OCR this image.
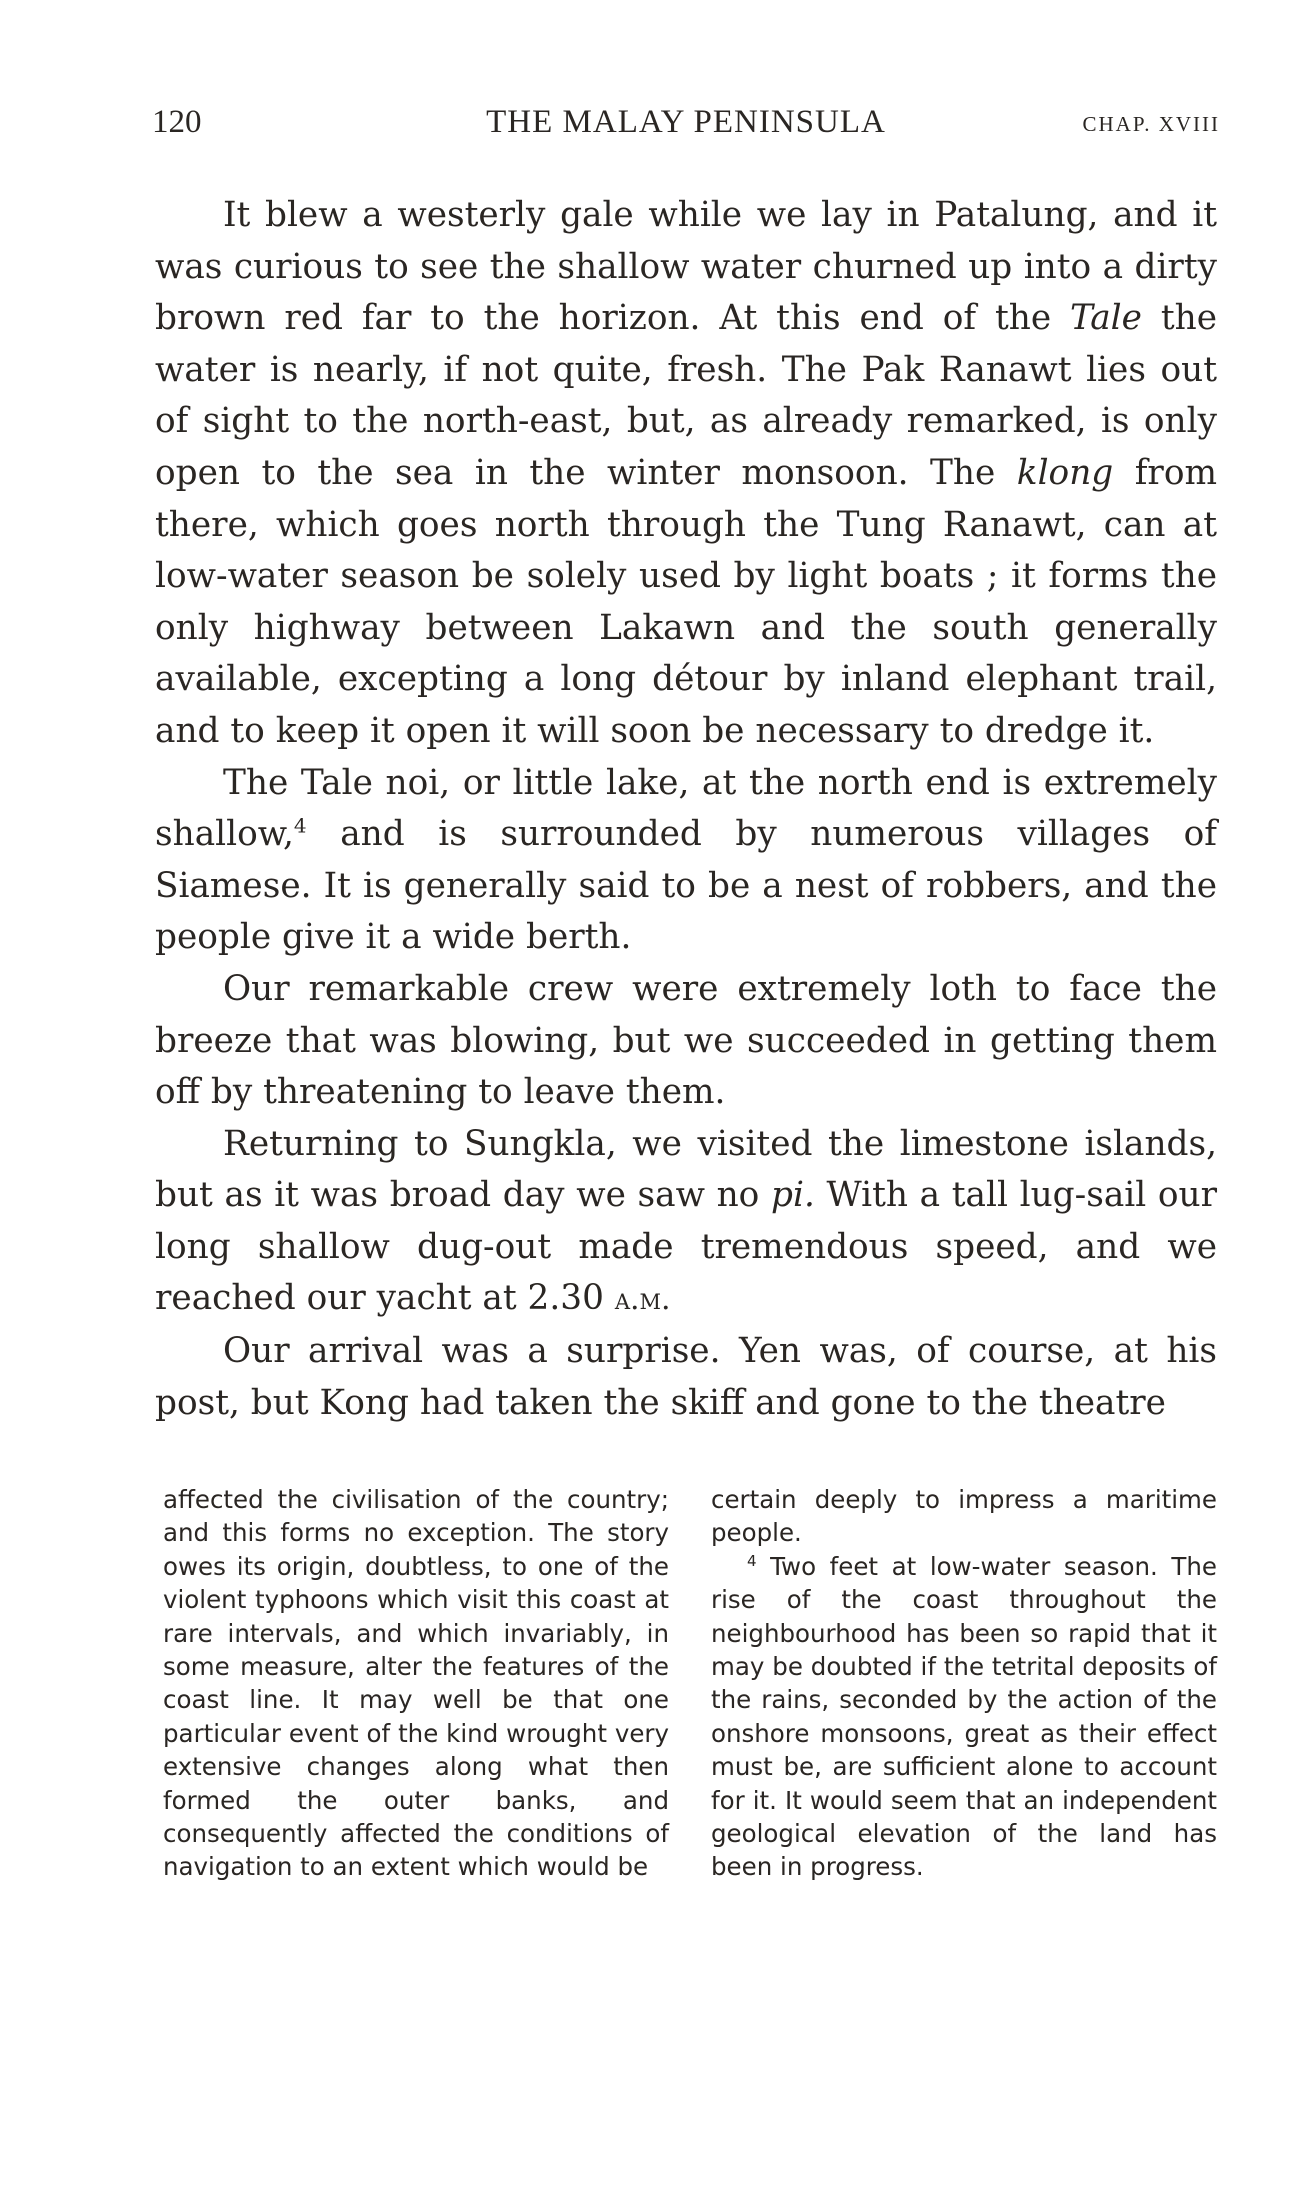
120	THE MALAY PENINSULA	CHAP. XVIII

It blew a westerly gale while we lay in Patalung, and it was curious to see the shallow water churned up into a dirty brown red far to the horizon. At this end of the Tale the water is nearly, if not quite, fresh. The Pak Ranawt lies out of sight to the north-east, but, as already remarked, is only open to the sea in the winter monsoon. The klong from there, which goes north through the Tung Ranawt, can at low-water season be solely used by light boats ; it forms the only highway between Lakawn and the south generally available, excepting a long détour by inland elephant trail, and to keep it open it will soon be necessary to dredge it.

The Tale noi, or little lake, at the north end is extremely shallow,$^4$ and is surrounded by numerous villages of Siamese. It is generally said to be a nest of robbers, and the people give it a wide berth.

Our remarkable crew were extremely loth to face the breeze that was blowing, but we succeeded in getting them off by threatening to leave them.

Returning to Sungkla, we visited the limestone islands, but as it was broad day we saw no pi. With a tall lug-sail our long shallow dug-out made tremendous speed, and we reached our yacht at 2.30 a.m.

Our arrival was a surprise. Yen was, of course, at his post, but Kong had taken the skiff and gone to the theatre

affected the civilisation of the country; and this forms no exception. The story owes its origin, doubtless, to one of the violent typhoons which visit this coast at rare intervals, and which invariably, in some measure, alter the features of the coast line. It may well be that one particular event of the kind wrought very extensive changes along what then formed the outer banks, and consequently affected the conditions of navigation to an extent which would be

certain deeply to impress a maritime people.

$^4$ Two feet at low-water season. The rise of the coast throughout the neighbourhood has been so rapid that it may be doubted if the tetrital deposits of the rains, seconded by the action of the onshore monsoons, great as their effect must be, are sufficient alone to account for it. It would seem that an independent geological elevation of the land has been in progress.
